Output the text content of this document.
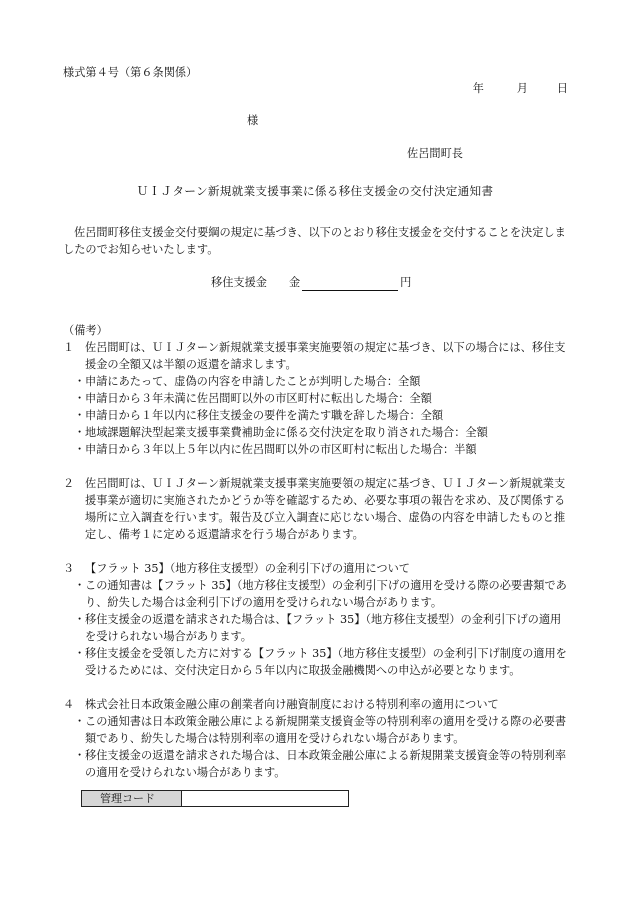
様式第４号（第６条関係）
年	月	日
様
佐呂間町長
ＵＩＪターン新規就業支援事業に係る移住支援金の交付決定通知書
佐呂間町移住支援金交付要綱の規定に基づき、以下のとおり移住支援金を交付することを決定しましたのでお知らせいたします。
移住支援金 金	円
（備考）
１ 佐呂間町は、ＵＩＪターン新規就業支援事業実施要領の規定に基づき、以下の場合には、移住支援金の全額又は半額の返還を請求します。
・ 申請にあたって、虚偽の内容を申請したことが判明した場合：全額
・ 申請日から３年未満に佐呂間町以外の市区町村に転出した場合：全額
・ 申請日から１年以内に移住支援金の要件を満たす職を辞した場合：全額
・ 地域課題解決型起業支援事業費補助金に係る交付決定を取り消された場合：全額
・ 申請日から３年以上５年以内に佐呂間町以外の市区町村に転出した場合：半額
２ 佐呂間町は、ＵＩＪターン新規就業支援事業実施要領の規定に基づき、ＵＩＪターン新規就業支援事業が適切に実施されたかどうか等を確認するため、必要な事項の報告を求め、及び関係する場所に立入調査を行います。報告及び立入調査に応じない場合、虚偽の内容を申請したものと推定し、備考１に定める返還請求を行う場合があります。
３ 【フラット 35】（地方移住支援型）の金利引下げの適用について
・ この通知書は【フラット 35】（地方移住支援型）の金利引下げの適用を受ける際の必要書類であり、紛失した場合は金利引下げの適用を受けられない場合があります。
・ 移住支援金の返還を請求された場合は、【フラット 35】（地方移住支援型）の金利引下げの適用を受けられない場合があります。
・ 移住支援金を受領した方に対する【フラット 35】（地方移住支援型）の金利引下げ制度の適用を受けるためには、交付決定日から５年以内に取扱金融機関への申込が必要となります。
４ 株式会社日本政策金融公庫の創業者向け融資制度における特別利率の適用について
・ この通知書は日本政策金融公庫による新規開業支援資金等の特別利率の適用を受ける際の必要書類であり、紛失した場合は特別利率の適用を受けられない場合があります。
・ 移住支援金の返還を請求された場合は、日本政策金融公庫による新規開業支援資金等の特別利率の適用を受けられない場合があります。
管理コード	
